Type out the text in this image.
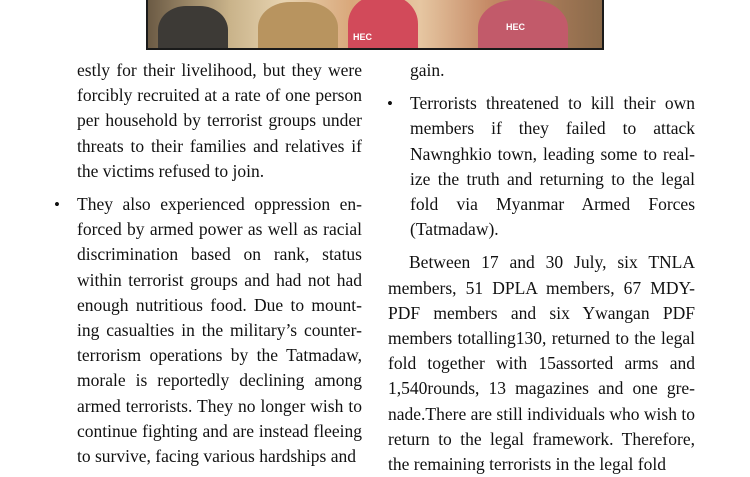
HEC
HEC

estly for their livelihood, but they were forcibly recruited at a rate of one person per household by terrorist groups under threats to their families and relatives if the victims refused to join.

• They also experienced oppression enforced by armed power as well as racial discrimination based on rank, status within terrorist groups and had not had enough nutritious food. Due to mounting casualties in the military’s counter-terrorism operations by the Tatmadaw, morale is reportedly declining among armed terrorists. They no longer wish to continue fighting and are instead fleeing to survive, facing various hardships and

gain.

• Terrorists threatened to kill their own members if they failed to attack Nawnghkio town, leading some to realize the truth and returning to the legal fold via Myanmar Armed Forces (Tatmadaw).

Between 17 and 30 July, six TNLA members, 51 DPLA members, 67 MDY-PDF members and six Ywangan PDF members totalling130, returned to the legal fold together with 15assorted arms and 1,540rounds, 13 magazines and one grenade.There are still individuals who wish to return to the legal framework. Therefore, the remaining terrorists in the legal fold
